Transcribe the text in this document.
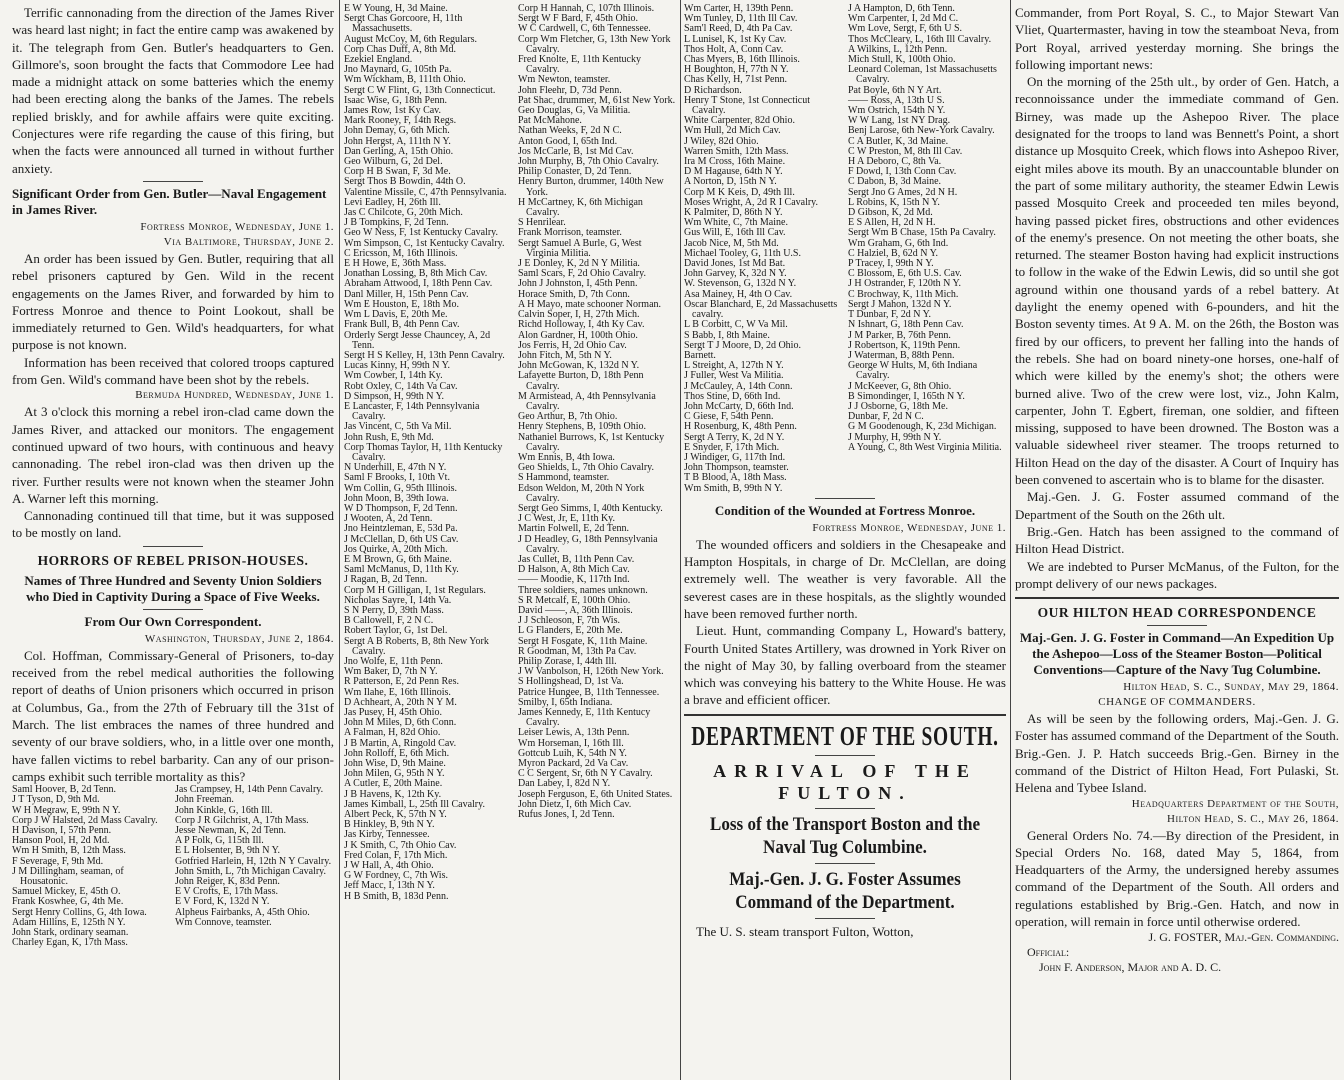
Terrific cannonading from the direction of the James River was heard last night; in fact the entire camp was awakened by it. The telegraph from Gen. Butler's headquarters to Gen. Gillmore's, soon brought the facts that Commodore Lee had made a midnight attack on some batteries which the enemy had been erecting along the banks of the James. The rebels replied briskly, and for awhile affairs were quite exciting. Conjectures were rife regarding the cause of this firing, but when the facts were announced all turned in without further anxiety.

Significant Order from Gen. Butler—Naval Engagement in James River.
Fortress Monroe, Wednesday, June 1.
Via Baltimore, Thursday, June 2.

An order has been issued by Gen. Butler, requiring that all rebel prisoners captured by Gen. Wild in the recent engagements on the James River, and forwarded by him to Fortress Monroe and thence to Point Lookout, shall be immediately returned to Gen. Wild's headquarters, for what purpose is not known.

Information has been received that colored troops captured from Gen. Wild's command have been shot by the rebels.

Bermuda Hundred, Wednesday, June 1.

At 3 o'clock this morning a rebel iron-clad came down the James River, and attacked our monitors. The engagement continued upward of two hours, with continuous and heavy cannonading. The rebel iron-clad was then driven up the river. Further results were not known when the steamer John A. Warner left this morning.

Cannonading continued till that time, but it was supposed to be mostly on land.

HORRORS OF REBEL PRISON-HOUSES.
Names of Three Hundred and Seventy Union Soldiers who Died in Captivity During a Space of Five Weeks.
From Our Own Correspondent.
Washington, Thursday, June 2, 1864.

Col. Hoffman, Commissary-General of Prisoners, to-day received from the rebel medical authorities the following report of deaths of Union prisoners which occurred in prison at Columbus, Ga., from the 27th of February till the 31st of March. The list embraces the names of three hundred and seventy of our brave soldiers, who, in a little over one month, have fallen victims to rebel barbarity. Can any of our prison-camps exhibit such terrible mortality as this?

Saml Hoover, B, 2d Tenn.
J T Tyson, D, 9th Md.
W H Megraw, E, 99th N Y.
Corp J W Halsted, 2d Mass Cavalry.
H Davison, I, 57th Penn.
Hanson Pool, H, 2d Md.
Wm H Smith, B, 12th Mass.
F Severage, F, 9th Md.
J M Dillingham, seaman, of Housatonic.
Samuel Mickey, E, 45th O.
Frank Koswhee, G, 4th Me.
Sergt Henry Collins, G, 4th Iowa.
Adam Hillins, E, 125th N Y.
John Stark, ordinary seaman.
Charley Egan, K, 17th Mass.
Jas Crampsey, H, 14th Penn Cavalry.
John Freeman.
John Kinkle, G, 16th Ill.
Corp J R Gilchrist, A, 17th Mass.
Jesse Newman, K, 2d Tenn.
A P Folk, G, 115th Ill.
E L Holsenter, B, 9th N Y.
Gotfried Harlein, H, 12th N Y Cavalry.
John Smith, L, 7th Michigan Cavalry.
John Reiger, K, 83d Penn.
E V Crofts, E, 17th Mass.
E V Ford, K, 132d N Y.
Alpheus Fairbanks, A, 45th Ohio.
Wm Connove, teamster.
E W Young, H, 3d Maine.
Sergt Chas Gorcoore, H, 11th Massachusetts.
August McCoy, M, 6th Regulars.
Corp Chas Duff, A, 8th Md.
Ezekiel England.
Jno Maynard, G, 105th Pa.
Wm Wickham, B, 111th Ohio.
Sergt C W Flint, G, 13th Connecticut.
Isaac Wise, G, 18th Penn.
James Row, 1st Ky Cav.
Mark Rooney, F, 14th Regs.
John Demay, G, 6th Mich.
John Hergst, A, 111th N Y.
Dan Gerling, A, 15th Ohio.
Geo Wilburn, G, 2d Del.
Corp H B Swan, F, 3d Me.
Sergt Thos B Bowdin, 44th O.
Valentine Missile, C, 47th Pennsylvania.
Levi Eadley, H, 26th Ill.
Jas C Chilcote, G, 20th Mich.
J B Tompkins, F, 2d Tenn.
Geo W Ness, F, 1st Kentucky Cavalry.
Wm Simpson, C, 1st Kentucky Cavalry.
C Ericsson, M, 16th Illinois.
E H Howe, E, 36th Mass.
Jonathan Lossing, B, 8th Mich Cav.
Abraham Attwood, I, 18th Penn Cav.
Danl Miller, H, 15th Penn Cav.
Wm E Houston, E, 18th Mo.
Wm L Davis, E, 20th Me.
Frank Bull, B, 4th Penn Cav.
Orderly Sergt Jesse Chauncey, A, 2d Tenn.
Sergt H S Kelley, H, 13th Penn Cavalry.
Lucas Kinny, H, 99th N Y.
Wm Cowber, I, 14th Ky.
Robt Oxley, C, 14th Va Cav.
D Simpson, H, 99th N Y.
E Lancaster, F, 14th Pennsylvania Cavalry.
Jas Vincent, C, 5th Va Mil.
John Rush, E, 9th Md.
Corp Thomas Taylor, H, 11th Kentucky Cavalry.
N Underhill, E, 47th N Y.
Saml F Brooks, I, 10th Vt.
Wm Collin, G, 95th Illinois.
John Moon, B, 39th Iowa.
W D Thompson, F, 2d Tenn.
J Wooten, A, 2d Tenn.
Jno Heintzleman, E, 53d Pa.
J McClellan, D, 6th US Cav.
Jos Quirke, A, 20th Mich.
E M Brown, G, 6th Maine.
Saml McManus, D, 11th Ky.
J Ragan, B, 2d Tenn.
Corp M H Gilligan, I, 1st Regulars.
Nicholas Sayre, I, 14th Va.
S N Perry, D, 39th Mass.
B Callowell, F, 2 N C.
Robert Taylor, G, 1st Del.
Sergt A B Roberts, B, 8th New York Cavalry.
Jno Wolfe, E, 11th Penn.
Wm Baker, D, 7th N Y.
R Patterson, E, 2d Penn Res.
Wm Ilahe, E, 16th Illinois.
D Achheart, A, 20th N Y M.
Jas Pusey, H, 45th Ohio.
John M Miles, D, 6th Conn.
A Falman, H, 82d Ohio.
J B Martin, A, Ringold Cav.
John Rolloff, E, 6th Mich.
John Wise, D, 9th Maine.
John Milen, G, 95th N Y.
A Cutler, E, 20th Maine.
J B Havens, K, 12th Ky.
James Kimball, L, 25th Ill Cavalry.
Albert Peck, K, 57th N Y.
B Hinkley, B, 9th N Y.
Jas Kirby, Tennessee.
J K Smith, C, 7th Ohio Cav.
Fred Colan, F, 17th Mich.
J W Hall, A, 4th Ohio.
G W Fordney, C, 7th Wis.
Jeff Macc, I, 13th N Y.
H B Smith, B, 183d Penn.
Corp H Hannah, C, 107th Illinois.
Sergt W F Bard, F, 45th Ohio.
W C Cardwell, C, 6th Tennessee.
Corp Wm Fletcher, G, 13th New York Cavalry.
Fred Knolte, E, 11th Kentucky Cavalry.
Wm Newton, teamster.
John Fleehr, D, 73d Penn.
Pat Shac, drummer, M, 61st New York.
Geo Douglas, G, Va Militia.
Pat McMahone.
Nathan Weeks, F, 2d N C.
Anton Good, I, 65th Ind.
Jos McCarle, B, 1st Md Cav.
John Murphy, B, 7th Ohio Cavalry.
Philip Conaster, D, 2d Tenn.
Henry Burton, drummer, 140th New York.
H McCartney, K, 6th Michigan Cavalry.
S Henrilear.
Frank Morrison, teamster.
Sergt Samuel A Burle, G, West Virginia Militia.
J E Donley, K, 2d N Y Militia.
Saml Scars, F, 2d Ohio Cavalry.
John J Johnston, I, 45th Penn.
Horace Smith, D, 7th Conn.
A H Mayo, mate schooner Norman.
Calvin Soper, I, H, 27th Mich.
Richd Holloway, I, 4th Ky Cav.
Alon Gardner, H, 100th Ohio.
Jos Ferris, H, 2d Ohio Cav.
John Fitch, M, 5th N Y.
John McGowan, K, 132d N Y.
Lafayette Burton, D, 18th Penn Cavalry.
M Armistead, A, 4th Pennsylvania Cavalry.
Geo Arthur, B, 7th Ohio.
Henry Stephens, B, 109th Ohio.
Nathaniel Burrows, K, 1st Kentucky Cavalry.
Wm Ennis, B, 4th Iowa.
Geo Shields, L, 7th Ohio Cavalry.
S Hammond, teamster.
Edson Weldon, M, 20th N York Cavalry.
Sergt Geo Simms, I, 40th Kentucky.
J C West, Jr, E, 11th Ky.
Martin Folwell, E, 2d Tenn.
J D Headley, G, 18th Pennsylvania Cavalry.
Jas Cullet, B, 11th Penn Cav.
D Halson, A, 8th Mich Cav.
—— Moodie, K, 117th Ind.
Three soldiers, names unknown.
S R Metcalf, E, 100th Ohio.
David ——, A, 36th Illinois.
J J Schleoson, F, 7th Wis.
L G Flanders, E, 20th Me.
Sergt H Fosgate, K, 11th Maine.
R Goodman, M, 13th Pa Cav.
Philip Zorase, I, 44th Ill.
J W Vanbolson, H, 126th New York.
S Hollingshead, D, 1st Va.
Patrice Hungee, B, 11th Tennessee.
Smilby, I, 65th Indiana.
James Kennedy, E, 11th Kentucy Cavalry.
Leiser Lewis, A, 13th Penn.
Wm Horseman, I, 16th Ill.
Gottcub Luih, K, 54th N Y.
Myron Packard, 2d Va Cav.
C C Sergent, Sr, 6th N Y Cavalry.
Dan Labey, I, 82d N Y.
Joseph Ferguson, E, 6th United States.
John Dietz, I, 6th Mich Cav.
Rufus Jones, I, 2d Tenn.
Wm Carter, H, 139th Penn.
Wm Tunley, D, 11th Ill Cav.
Sam'l Reed, D, 4th Pa Cav.
L Lunisel, K, 1st Ky Cav.
Thos Holt, A, Conn Cav.
Chas Myers, B, 16th Illinois.
H Boughton, H, 77th N Y.
Chas Kelly, H, 71st Penn.
D Richardson.
Henry T Stone, 1st Connecticut Cavalry.
White Carpenter, 82d Ohio.
Wm Hull, 2d Mich Cav.
J Wiley, 82d Ohio.
Warren Smith, 12th Mass.
Ira M Cross, 16th Maine.
D M Hagause, 64th N Y.
A Norton, D, 15th N Y.
Corp M K Keis, D, 49th Ill.
Moses Wright, A, 2d R I Cavalry.
K Palmiter, D, 86th N Y.
Wm White, C, 7th Maine.
Gus Will, E, 16th Ill Cav.
Jacob Nice, M, 5th Md.
Michael Tooley, G, 11th U.S.
David Jones, 1st Md Bat.
John Garvey, K, 32d N Y.
W. Stevenson, G, 132d N Y.
Asa Mainey, H, 4th O Cav.
Oscar Blanchard, E, 2d Massachusetts cavalry.
L B Corbitt, C, W Va Mil.
S Babb, I, 8th Maine.
Sergt T J Moore, D, 2d Ohio.
Barnett.
L Streight, A, 127th N Y.
J Fuller, West Va Militia.
J McCauley, A, 14th Conn.
Thos Stine, D, 66th Ind.
John McCarty, D, 66th Ind.
C Giese, F, 54th Penn.
H Rosenburg, K, 48th Penn.
Sergt A Terry, K, 2d N Y.
E Snyder, F, 17th Mich.
J Windiger, G, 117th Ind.
John Thompson, teamster.
T B Blood, A, 18th Mass.
Wm Smith, B, 99th N Y.
J A Hampton, D, 6th Tenn.
Wm Carpenter, I, 2d Md C.
Wm Love, Sergt, F, 6th U S.
Thos McCleary, L, 16th Ill Cavalry.
A Wilkins, L, 12th Penn.
Mich Stull, K, 100th Ohio.
Leonard Coleman, 1st Massachusetts Cavalry.
Pat Boyle, 6th N Y Art.
—— Ross, A, 13th U S.
Wm Ostrich, 154th N Y.
W W Lang, 1st NY Drag.
Benj Larose, 6th New-York Cavalry.
C A Butler, K, 3d Maine.
C W Preston, M, 8th Ill Cav.
H A Deboro, C, 8th Va.
F Dowd, I, 13th Conn Cav.
C Dabon, B, 3d Maine.
Sergt Jno G Ames, 2d N H.
L Robins, K, 15th N Y.
D Gibson, K, 2d Md.
E S Allen, H, 2d N H.
Sergt Wm B Chase, 15th Pa Cavalry.
Wm Graham, G, 6th Ind.
C Halziel, B, 62d N Y.
P Tracey, I, 99th N Y.
C Blossom, E, 6th U.S. Cav.
J H Ostrander, F, 120th N Y.
C Brochway, K, 11th Mich.
Sergt J Mahon, 132d N Y.
T Dunbar, F, 2d N Y.
N Ishnart, G, 18th Penn Cav.
J M Parker, B, 76th Penn.
J Robertson, K, 119th Penn.
J Waterman, B, 88th Penn.
George W Hults, M, 6th Indiana Cavalry.
J McKeever, G, 8th Ohio.
B Simondinger, I, 165th N Y.
J J Osborne, G, 18th Me.
Dunbar, F, 2d N C.
G M Goodenough, K, 23d Michigan.
J Murphy, H, 99th N Y.
A Young, C, 8th West Virginia Militia.
Condition of the Wounded at Fortress Monroe.
Fortress Monroe, Wednesday, June 1.

The wounded officers and soldiers in the Chesapeake and Hampton Hospitals, in charge of Dr. McClellan, are doing extremely well. The weather is very favorable. All the severest cases are in these hospitals, as the slightly wounded have been removed further north.

Lieut. Hunt, commanding Company L, Howard's battery, Fourth United States Artillery, was drowned in York River on the night of May 30, by falling overboard from the steamer which was conveying his battery to the White House. He was a brave and efficient officer.

DEPARTMENT OF THE SOUTH.
ARRIVAL OF THE FULTON.
Loss of the Transport Boston and the Naval Tug Columbine.
Maj.-Gen. J. G. Foster Assumes Command of the Department.

The U. S. steam transport Fulton, Wotton,

Commander, from Port Royal, S. C., to Major Stewart Van Vliet, Quartermaster, having in tow the steamboat Neva, from Port Royal, arrived yesterday morning. She brings the following important news:

On the morning of the 25th ult., by order of Gen. Hatch, a reconnoissance under the immediate command of Gen. Birney, was made up the Ashepoo River. The place designated for the troops to land was Bennett's Point, a short distance up Mosquito Creek, which flows into Ashepoo River, eight miles above its mouth. By an unaccountable blunder on the part of some military authority, the steamer Edwin Lewis passed Mosquito Creek and proceeded ten miles beyond, having passed picket fires, obstructions and other evidences of the enemy's presence. On not meeting the other boats, she returned. The steamer Boston having had explicit instructions to follow in the wake of the Edwin Lewis, did so until she got aground within one thousand yards of a rebel battery. At daylight the enemy opened with 6-pounders, and hit the Boston seventy times. At 9 A. M. on the 26th, the Boston was fired by our officers, to prevent her falling into the hands of the rebels. She had on board ninety-one horses, one-half of which were killed by the enemy's shot; the others were burned alive. Two of the crew were lost, viz., John Kalm, carpenter, John T. Egbert, fireman, one soldier, and fifteen missing, supposed to have been drowned. The Boston was a valuable sidewheel river steamer. The troops returned to Hilton Head on the day of the disaster. A Court of Inquiry has been convened to ascertain who is to blame for the disaster.

Maj.-Gen. J. G. Foster assumed command of the Department of the South on the 26th ult.

Brig.-Gen. Hatch has been assigned to the command of Hilton Head District.

We are indebted to Purser McManus, of the Fulton, for the prompt delivery of our news packages.

OUR HILTON HEAD CORRESPONDENCE
Maj.-Gen. J. G. Foster in Command—An Expedition Up the Ashepoo—Loss of the Steamer Boston—Political Conventions—Capture of the Navy Tug Columbine.
Hilton Head, S. C., Sunday, May 29, 1864.
CHANGE OF COMMANDERS.

As will be seen by the following orders, Maj.-Gen. J. G. Foster has assumed command of the Department of the South. Brig.-Gen. J. P. Hatch succeeds Brig.-Gen. Birney in the command of the District of Hilton Head, Fort Pulaski, St. Helena and Tybee Island.

Headquarters Department of the South,
Hilton Head, S. C., May 26, 1864.

General Orders No. 74.—By direction of the President, in Special Orders No. 168, dated May 5, 1864, from Headquarters of the Army, the undersigned hereby assumes command of the Department of the South. All orders and regulations established by Brig.-Gen. Hatch, and now in operation, will remain in force until otherwise ordered.

J. G. FOSTER, Maj.-Gen. Commanding.
Official:
John F. Anderson, Major and A. D. C.
